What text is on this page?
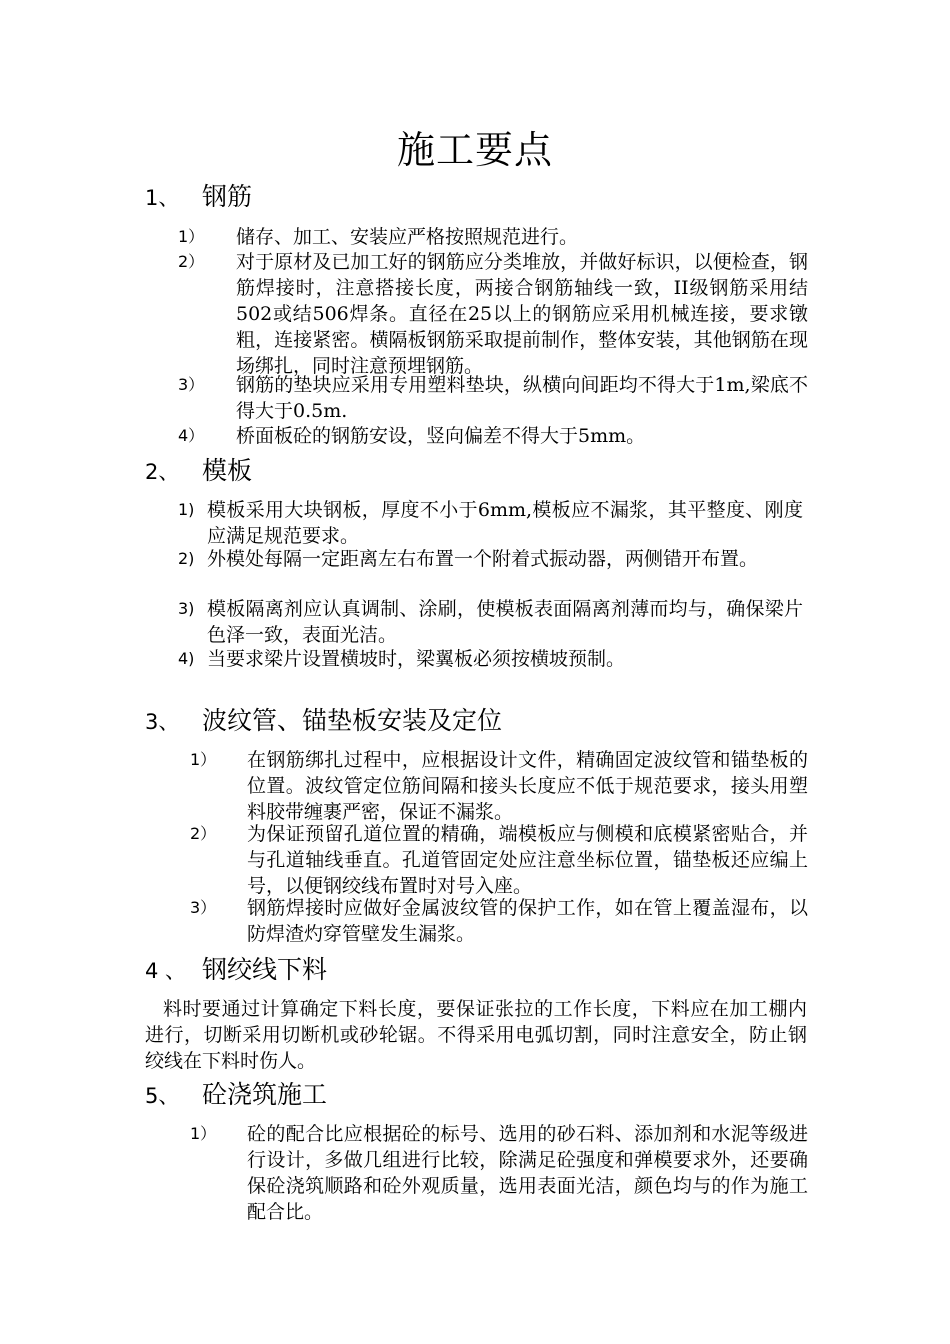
施工要点
1、 钢筋
1） 储存、加工、安装应严格按照规范进行。
2） 对于原材及已加工好的钢筋应分类堆放，并做好标识，以便检查，钢筋焊接时，注意搭接长度，两接合钢筋轴线一致，II级钢筋采用结502或结506焊条。直径在25以上的钢筋应采用机械连接，要求镦粗，连接紧密。横隔板钢筋采取提前制作，整体安装，其他钢筋在现场绑扎，同时注意预埋钢筋。
3） 钢筋的垫块应采用专用塑料垫块，纵横向间距均不得大于1m,梁底不得大于0.5m.
4） 桥面板砼的钢筋安设，竖向偏差不得大于5mm。
2、 模板
1) 模板采用大块钢板，厚度不小于6mm,模板应不漏浆，其平整度、刚度应满足规范要求。
2) 外模处每隔一定距离左右布置一个附着式振动器，两侧错开布置。
3) 模板隔离剂应认真调制、涂刷，使模板表面隔离剂薄而均与，确保梁片色泽一致，表面光洁。
4) 当要求梁片设置横坡时，梁翼板必须按横坡预制。
3、 波纹管、锚垫板安装及定位
1） 在钢筋绑扎过程中，应根据设计文件，精确固定波纹管和锚垫板的位置。波纹管定位筋间隔和接头长度应不低于规范要求，接头用塑料胶带缠裹严密，保证不漏浆。
2） 为保证预留孔道位置的精确，端模板应与侧模和底模紧密贴合，并与孔道轴线垂直。孔道管固定处应注意坐标位置，锚垫板还应编上号，以便钢绞线布置时对号入座。
3） 钢筋焊接时应做好金属波纹管的保护工作，如在管上覆盖湿布，以防焊渣灼穿管壁发生漏浆。
4 、 钢绞线下料
料时要通过计算确定下料长度，要保证张拉的工作长度，下料应在加工棚内进行，切断采用切断机或砂轮锯。不得采用电弧切割，同时注意安全，防止钢绞线在下料时伤人。
5、 砼浇筑施工
1） 砼的配合比应根据砼的标号、选用的砂石料、添加剂和水泥等级进行设计，多做几组进行比较，除满足砼强度和弹模要求外，还要确保砼浇筑顺路和砼外观质量，选用表面光洁，颜色均与的作为施工配合比。
